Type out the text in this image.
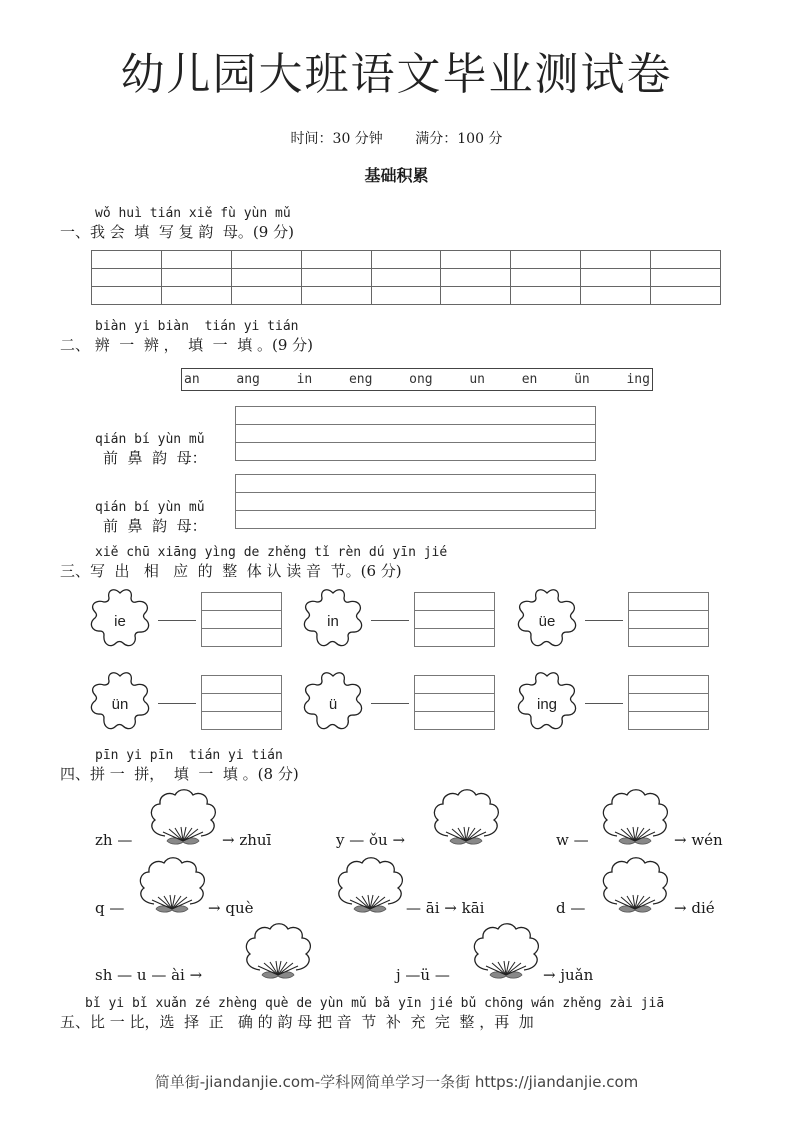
幼儿园大班语文毕业测试卷
时间：30 分钟 满分：100 分
基础积累
wǒ huì tián xiě fù yùn mǔ
一、我 会  填  写 复 韵  母。(9 分)

biàn yi biàn  tián yi tián
二、 辨  一  辨 ，  填  一  填 。(9 分)
an	ang	in	eng	ong	un	en	ün	ing
qián bí yùn mǔ
前  鼻  韵  母：
qián bí yùn mǔ
前  鼻  韵  母：
xiě chū xiāng yìng de zhěng tǐ rèn dú yīn jié
三、写  出   相   应  的  整  体 认 读 音  节。(6 分)
ie	in	üe
ün	ü	ing
pīn yi pīn  tián yi tián
四、拼 一  拼，  填  一  填 。(8 分)
zh —	→ zhuī	y — ǒu →	w —	→ wén
q —	→ què	— āi → kāi	d —	→ dié
sh — u — ài →	j —ü —	→ juǎn
bǐ yi bǐ xuǎn zé zhèng què de yùn mǔ bǎ yīn jié bǔ chōng wán zhěng zài jiā
五、比 一 比，选  择  正   确 的 韵 母 把 音  节  补  充  完  整 ，再  加
简单街-jiandanjie.com-学科网简单学习一条街 https://jiandanjie.com
